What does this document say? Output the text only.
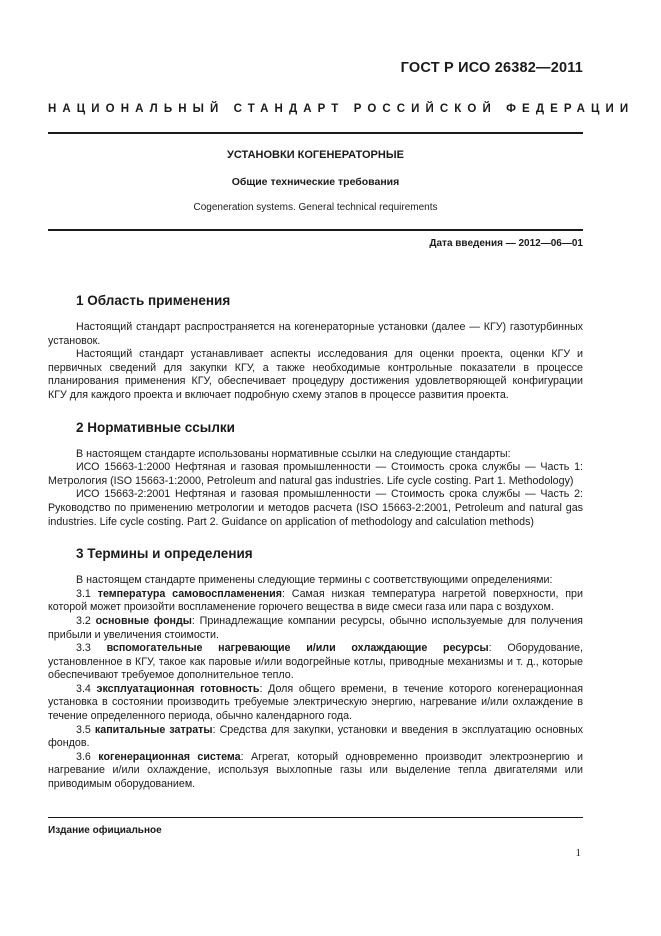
ГОСТ Р ИСО 26382—2011
НАЦИОНАЛЬНЫЙ СТАНДАРТ РОССИЙСКОЙ ФЕДЕРАЦИИ
УСТАНОВКИ КОГЕНЕРАТОРНЫЕ
Общие технические требования
Cogeneration systems. General technical requirements
Дата введения — 2012—06—01
1 Область применения

Настоящий стандарт распространяется на когенераторные установки (далее — КГУ) газотурбинных установок.

Настоящий стандарт устанавливает аспекты исследования для оценки проекта, оценки КГУ и первичных сведений для закупки КГУ, а также необходимые контрольные показатели в процессе планирования применения КГУ, обеспечивает процедуру достижения удовлетворяющей конфигурации КГУ для каждого проекта и включает подробную схему этапов в процессе развития проекта.

2 Нормативные ссылки

В настоящем стандарте использованы нормативные ссылки на следующие стандарты:

ИСО 15663-1:2000 Нефтяная и газовая промышленности — Стоимость срока службы — Часть 1: Метрология (ISO 15663-1:2000, Petroleum and natural gas industries. Life cycle costing. Part 1. Methodology)

ИСО 15663-2:2001 Нефтяная и газовая промышленности — Стоимость срока службы — Часть 2: Руководство по применению метрологии и методов расчета (ISO 15663-2:2001, Petroleum and natural gas industries. Life cycle costing. Part 2. Guidance on application of methodology and calculation methods)

3 Термины и определения

В настоящем стандарте применены следующие термины с соответствующими определениями:

3.1 температура самовоспламенения: Самая низкая температура нагретой поверхности, при которой может произойти воспламенение горючего вещества в виде смеси газа или пара с воздухом.

3.2 основные фонды: Принадлежащие компании ресурсы, обычно используемые для получения прибыли и увеличения стоимости.

3.3 вспомогательные нагревающие и/или охлаждающие ресурсы: Оборудование, установленное в КГУ, такое как паровые и/или водогрейные котлы, приводные механизмы и т. д., которые обеспечивают требуемое дополнительное тепло.

3.4 эксплуатационная готовность: Доля общего времени, в течение которого когенерационная установка в состоянии производить требуемые электрическую энергию, нагревание и/или охлаждение в течение определенного периода, обычно календарного года.

3.5 капитальные затраты: Средства для закупки, установки и введения в эксплуатацию основных фондов.

3.6 когенерационная система: Агрегат, который одновременно производит электроэнергию и нагревание и/или охлаждение, используя выхлопные газы или выделение тепла двигателями или приводимым оборудованием.

Издание официальное
1
